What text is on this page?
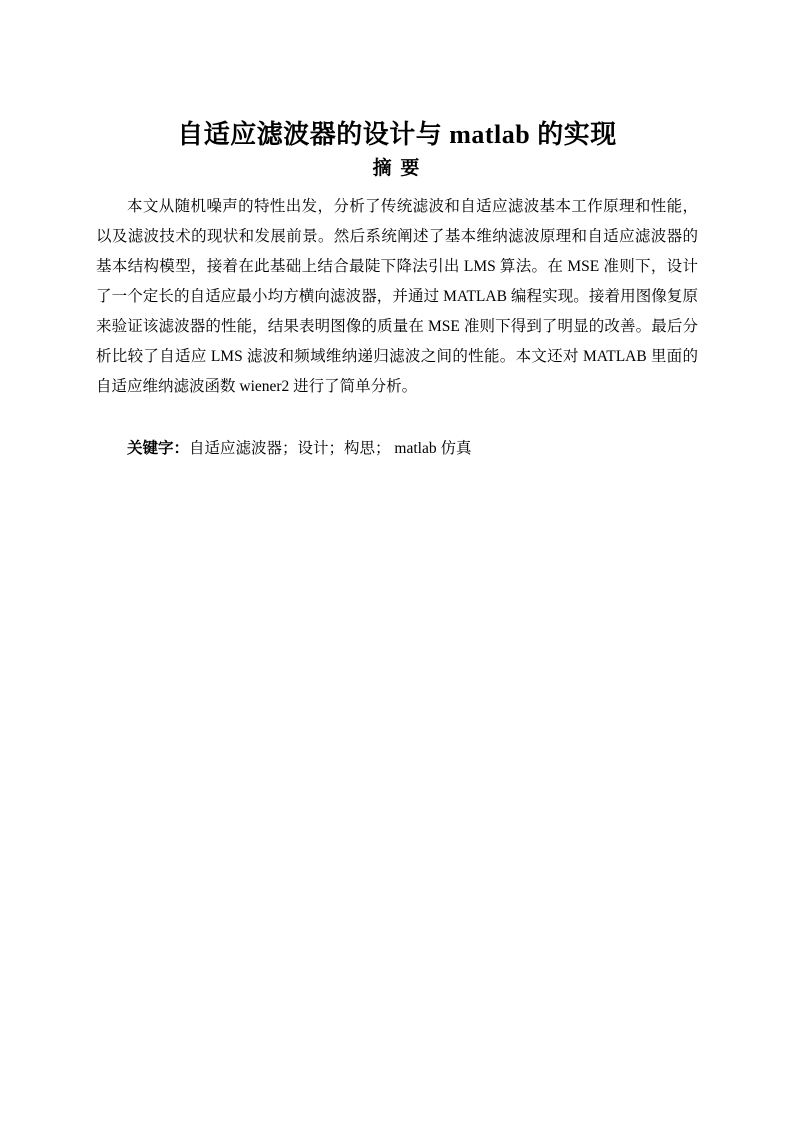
自适应滤波器的设计与 matlab 的实现
摘 要

本文从随机噪声的特性出发，分析了传统滤波和自适应滤波基本工作原理和性能，以及滤波技术的现状和发展前景。然后系统阐述了基本维纳滤波原理和自适应滤波器的基本结构模型，接着在此基础上结合最陡下降法引出 LMS 算法。在 MSE 准则下，设计了一个定长的自适应最小均方横向滤波器，并通过 MATLAB 编程实现。接着用图像复原来验证该滤波器的性能，结果表明图像的质量在 MSE 准则下得到了明显的改善。最后分析比较了自适应 LMS 滤波和频域维纳递归滤波之间的性能。本文还对 MATLAB 里面的自适应维纳滤波函数 wiener2 进行了简单分析。

关键字：自适应滤波器；设计；构思； matlab 仿真
